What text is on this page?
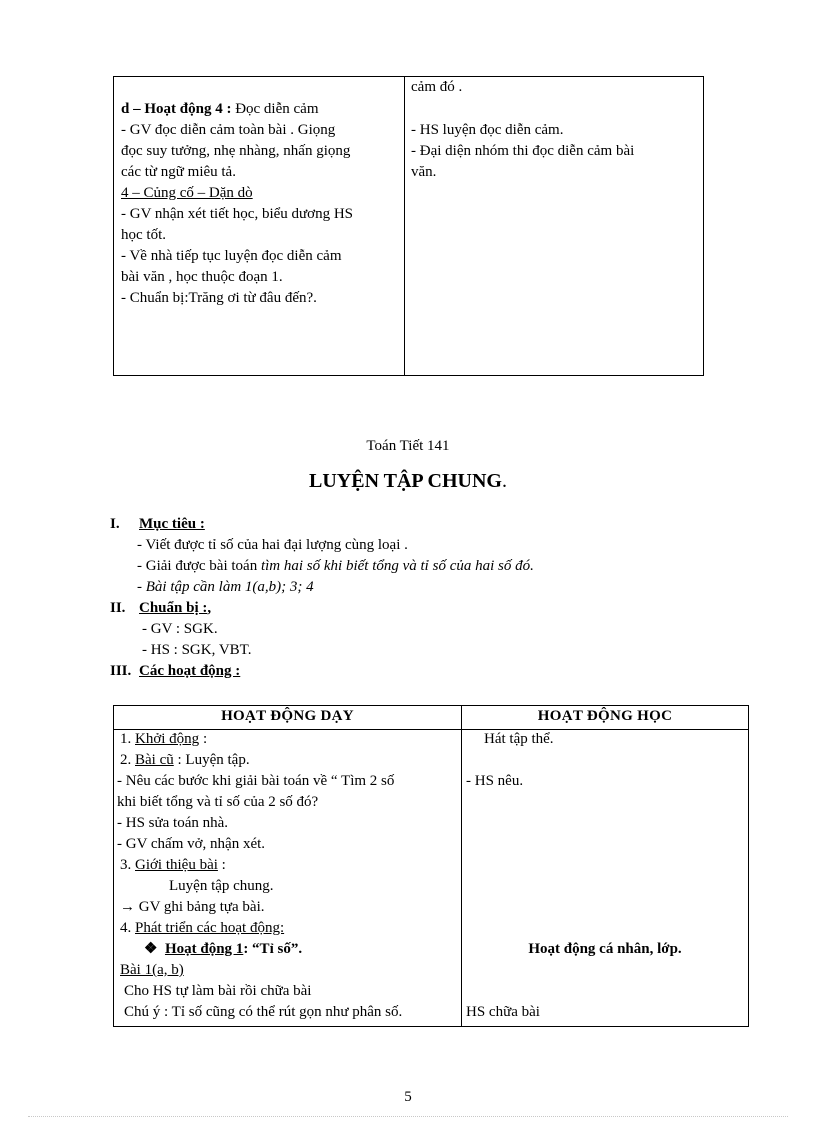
d – Hoạt động 4 : Đọc diễn cảm
- GV đọc diễn cảm toàn bài . Giọng
đọc suy tưởng, nhẹ nhàng, nhấn giọng
các từ ngữ miêu tả.
4 – Củng cố – Dặn dò
- GV nhận xét tiết học, biểu dương HS
học tốt.
- Về nhà tiếp tục luyện đọc diễn cảm
bài văn , học thuộc đoạn 1.
- Chuẩn bị:Trăng ơi từ đâu đến?.
cảm đó .
- HS luyện đọc diễn cảm.
- Đại diện nhóm thi đọc diễn cảm bài
văn.
Toán Tiết 141
LUYỆN TẬP CHUNG.
I. Mục tiêu :
- Viết được tỉ số của hai đại lượng cùng loại .
- Giải được bài toán tìm hai số khi biết tổng và tỉ số của hai số đó.
- Bài tập cần làm 1(a,b); 3; 4
II. Chuẩn bị :,
- GV : SGK.
- HS : SGK, VBT.
III. Các hoạt động :
HOẠT ĐỘNG DẠY	HOẠT ĐỘNG HỌC
1. Khởi động :
2. Bài cũ : Luyện tập.
- Nêu các bước khi giải bài toán về “ Tìm 2 số
khi biết tổng và tỉ số của 2 số đó?
- HS sửa toán nhà.
- GV chấm vở, nhận xét.
3. Giới thiệu bài :
Luyện tập chung.
→ GV ghi bảng tựa bài.
4. Phát triển các hoạt động:
❖ Hoạt động 1: “Tỉ số”.
Bài 1(a, b)
Cho HS tự làm bài rồi chữa bài
Chú ý : Tỉ số cũng có thể rút gọn như phân số.
Hát tập thể.
- HS nêu.
Hoạt động cá nhân, lớp.
HS chữa bài
5
